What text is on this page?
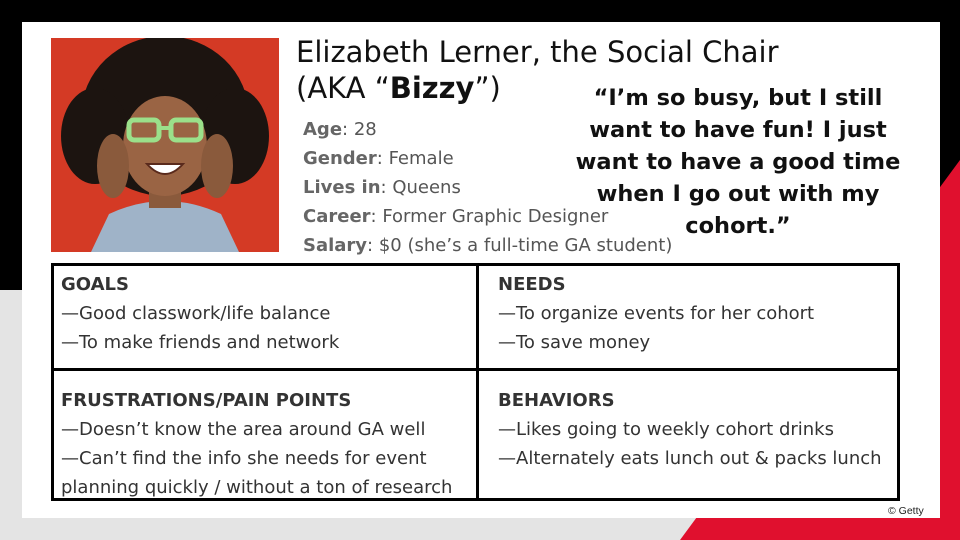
Elizabeth Lerner, the Social Chair
(AKA “Bizzy”)
Age: 28
Gender: Female
Lives in: Queens
Career: Former Graphic Designer
Salary: $0 (she’s a full-time GA student)
“I’m so busy, but I still want to have fun! I just want to have a good time when I go out with my cohort.”
GOALS
—Good classwork/life balance
—To make friends and network
NEEDS
—To organize events for her cohort
—To save money
FRUSTRATIONS/PAIN POINTS
—Doesn’t know the area around GA well
—Can’t find the info she needs for event planning quickly / without a ton of research
BEHAVIORS
—Likes going to weekly cohort drinks
—Alternately eats lunch out & packs lunch
© Getty
